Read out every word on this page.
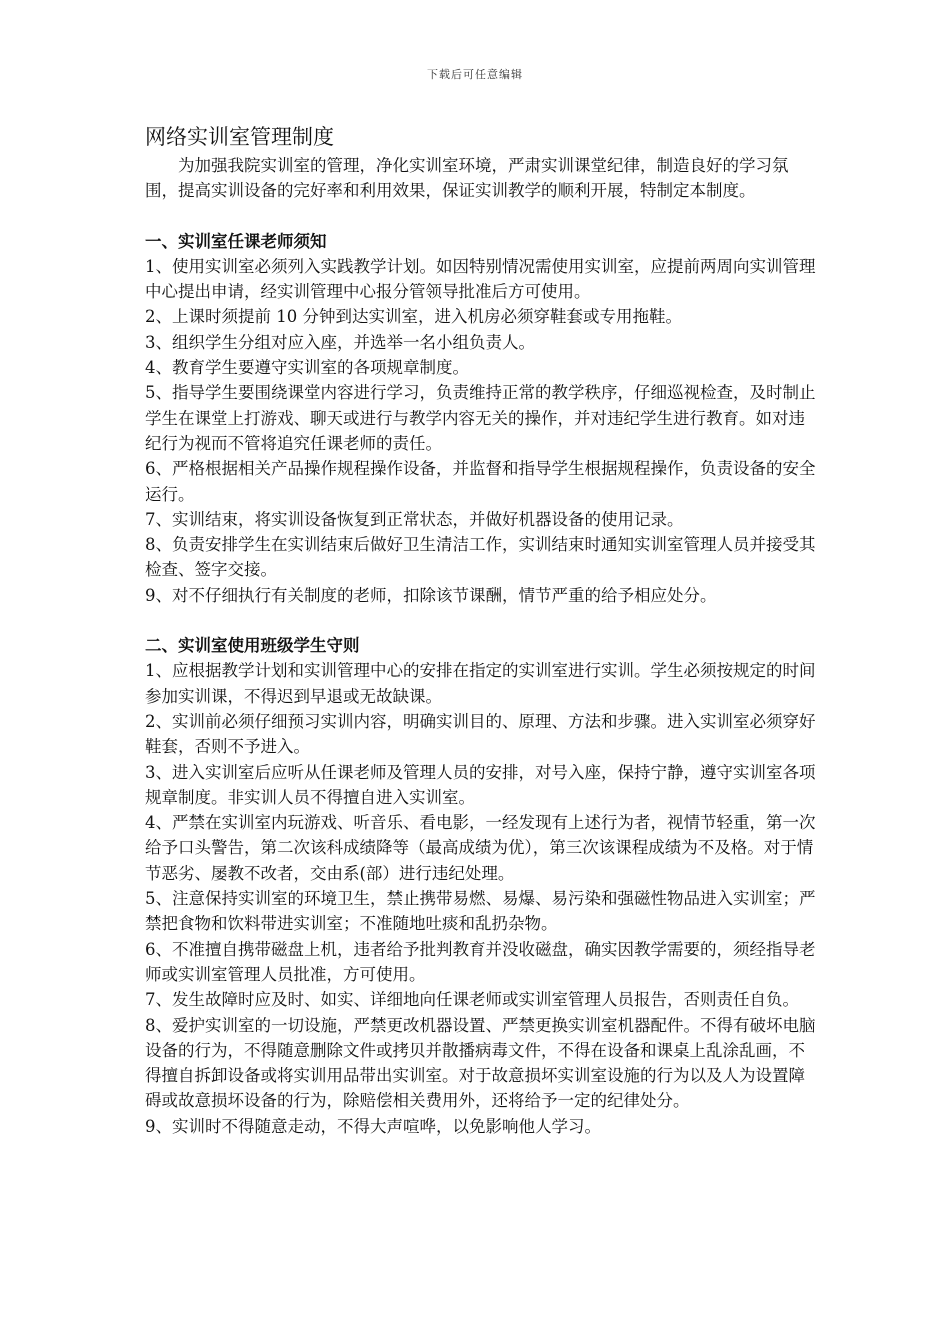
下载后可任意编辑
网络实训室管理制度

为加强我院实训室的管理，净化实训室环境，严肃实训课堂纪律，制造良好的学习氛围，提高实训设备的完好率和利用效果，保证实训教学的顺利开展，特制定本制度。

一、实训室任课老师须知

1、使用实训室必须列入实践教学计划。如因特别情况需使用实训室，应提前两周向实训管理中心提出申请，经实训管理中心报分管领导批准后方可使用。

2、上课时须提前 10 分钟到达实训室，进入机房必须穿鞋套或专用拖鞋。

3、组织学生分组对应入座，并选举一名小组负责人。

4、教育学生要遵守实训室的各项规章制度。

5、指导学生要围绕课堂内容进行学习，负责维持正常的教学秩序，仔细巡视检查，及时制止学生在课堂上打游戏、聊天或进行与教学内容无关的操作，并对违纪学生进行教育。如对违纪行为视而不管将追究任课老师的责任。

6、严格根据相关产品操作规程操作设备，并监督和指导学生根据规程操作，负责设备的安全运行。

7、实训结束，将实训设备恢复到正常状态，并做好机器设备的使用记录。

8、负责安排学生在实训结束后做好卫生清洁工作，实训结束时通知实训室管理人员并接受其检查、签字交接。

9、对不仔细执行有关制度的老师，扣除该节课酬，情节严重的给予相应处分。

二、实训室使用班级学生守则

1、应根据教学计划和实训管理中心的安排在指定的实训室进行实训。学生必须按规定的时间参加实训课，不得迟到早退或无故缺课。

2、实训前必须仔细预习实训内容，明确实训目的、原理、方法和步骤。进入实训室必须穿好鞋套，否则不予进入。

3、进入实训室后应听从任课老师及管理人员的安排，对号入座，保持宁静，遵守实训室各项规章制度。非实训人员不得擅自进入实训室。

4、严禁在实训室内玩游戏、听音乐、看电影，一经发现有上述行为者，视情节轻重，第一次给予口头警告，第二次该科成绩降等（最高成绩为优），第三次该课程成绩为不及格。对于情节恶劣、屡教不改者，交由系(部）进行违纪处理。

5、注意保持实训室的环境卫生，禁止携带易燃、易爆、易污染和强磁性物品进入实训室；严禁把食物和饮料带进实训室；不准随地吐痰和乱扔杂物。

6、不准擅自携带磁盘上机，违者给予批判教育并没收磁盘，确实因教学需要的，须经指导老师或实训室管理人员批准，方可使用。

7、发生故障时应及时、如实、详细地向任课老师或实训室管理人员报告，否则责任自负。

8、爱护实训室的一切设施，严禁更改机器设置、严禁更换实训室机器配件。不得有破坏电脑设备的行为，不得随意删除文件或拷贝并散播病毒文件，不得在设备和课桌上乱涂乱画，不得擅自拆卸设备或将实训用品带出实训室。对于故意损坏实训室设施的行为以及人为设置障碍或故意损坏设备的行为，除赔偿相关费用外，还将给予一定的纪律处分。

9、实训时不得随意走动，不得大声喧哗，以免影响他人学习。
